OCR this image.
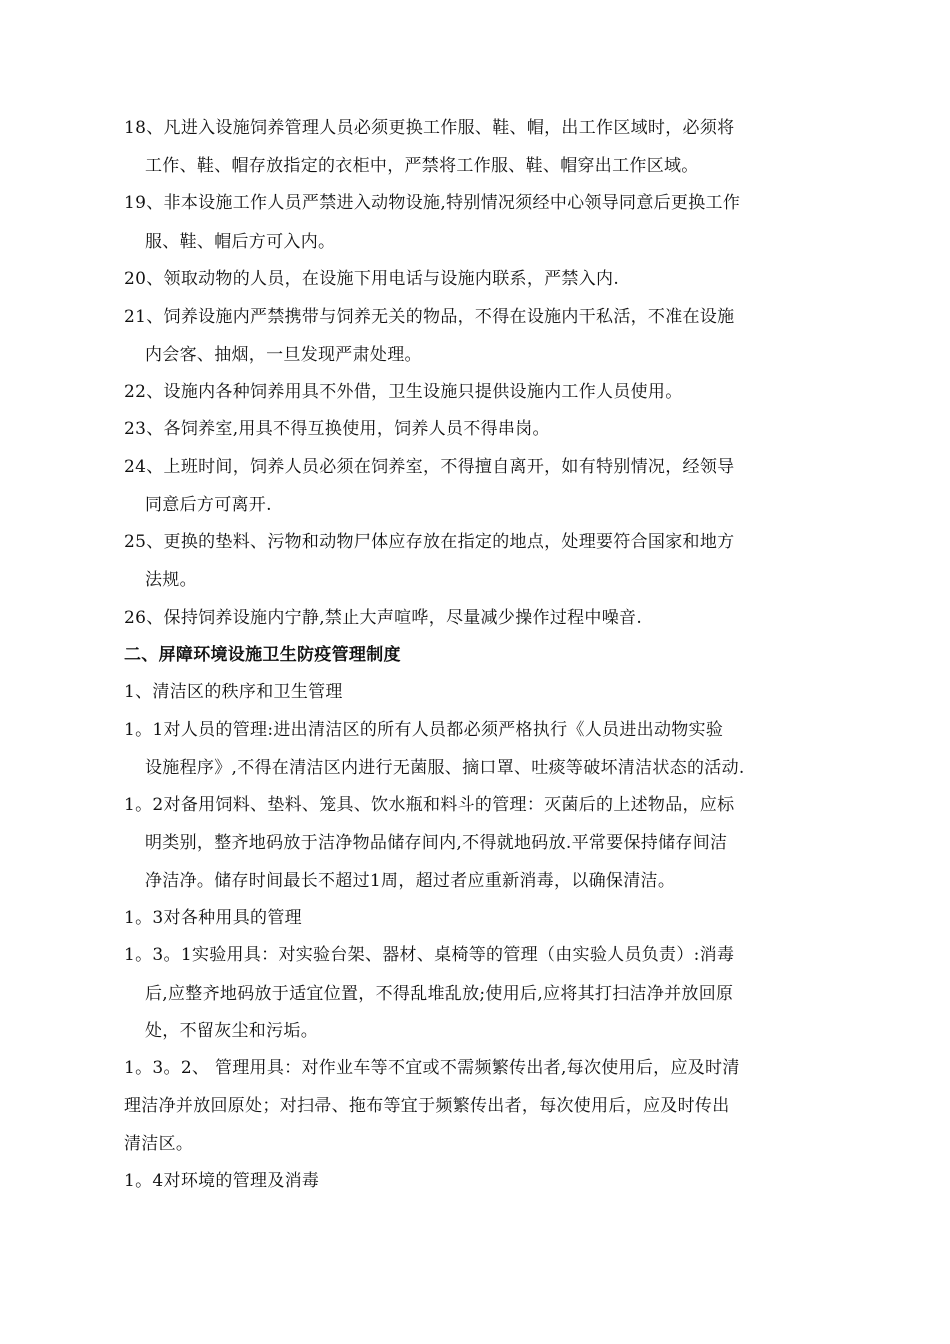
18、凡进入设施饲养管理人员必须更换工作服、鞋、帽，出工作区域时，必须将
工作、鞋、帽存放指定的衣柜中，严禁将工作服、鞋、帽穿出工作区域。
19、非本设施工作人员严禁进入动物设施,特别情况须经中心领导同意后更换工作
服、鞋、帽后方可入内。
20、领取动物的人员，在设施下用电话与设施内联系，严禁入内.
21、饲养设施内严禁携带与饲养无关的物品，不得在设施内干私活，不准在设施
内会客、抽烟，一旦发现严肃处理。
22、设施内各种饲养用具不外借，卫生设施只提供设施内工作人员使用。
23、各饲养室,用具不得互换使用，饲养人员不得串岗。
24、上班时间，饲养人员必须在饲养室，不得擅自离开，如有特别情况，经领导
同意后方可离开.
25、更换的垫料、污物和动物尸体应存放在指定的地点，处理要符合国家和地方
法规。
26、保持饲养设施内宁静,禁止大声喧哗，尽量减少操作过程中噪音.
二、屏障环境设施卫生防疫管理制度
1、清洁区的秩序和卫生管理
1。1对人员的管理:进出清洁区的所有人员都必须严格执行《人员进出动物实验
设施程序》,不得在清洁区内进行无菌服、摘口罩、吐痰等破坏清洁状态的活动.
1。2对备用饲料、垫料、笼具、饮水瓶和料斗的管理：灭菌后的上述物品，应标
明类别，整齐地码放于洁净物品储存间内,不得就地码放.平常要保持储存间洁
净洁净。储存时间最长不超过1周，超过者应重新消毒，以确保清洁。
1。3对各种用具的管理
1。3。1实验用具：对实验台架、器材、桌椅等的管理（由实验人员负责）:消毒
后,应整齐地码放于适宜位置，不得乱堆乱放;使用后,应将其打扫洁净并放回原
处，不留灰尘和污垢。
1。3。2、 管理用具：对作业车等不宜或不需频繁传出者,每次使用后，应及时清
理洁净并放回原处；对扫帚、拖布等宜于频繁传出者，每次使用后，应及时传出
清洁区。
1。4对环境的管理及消毒
